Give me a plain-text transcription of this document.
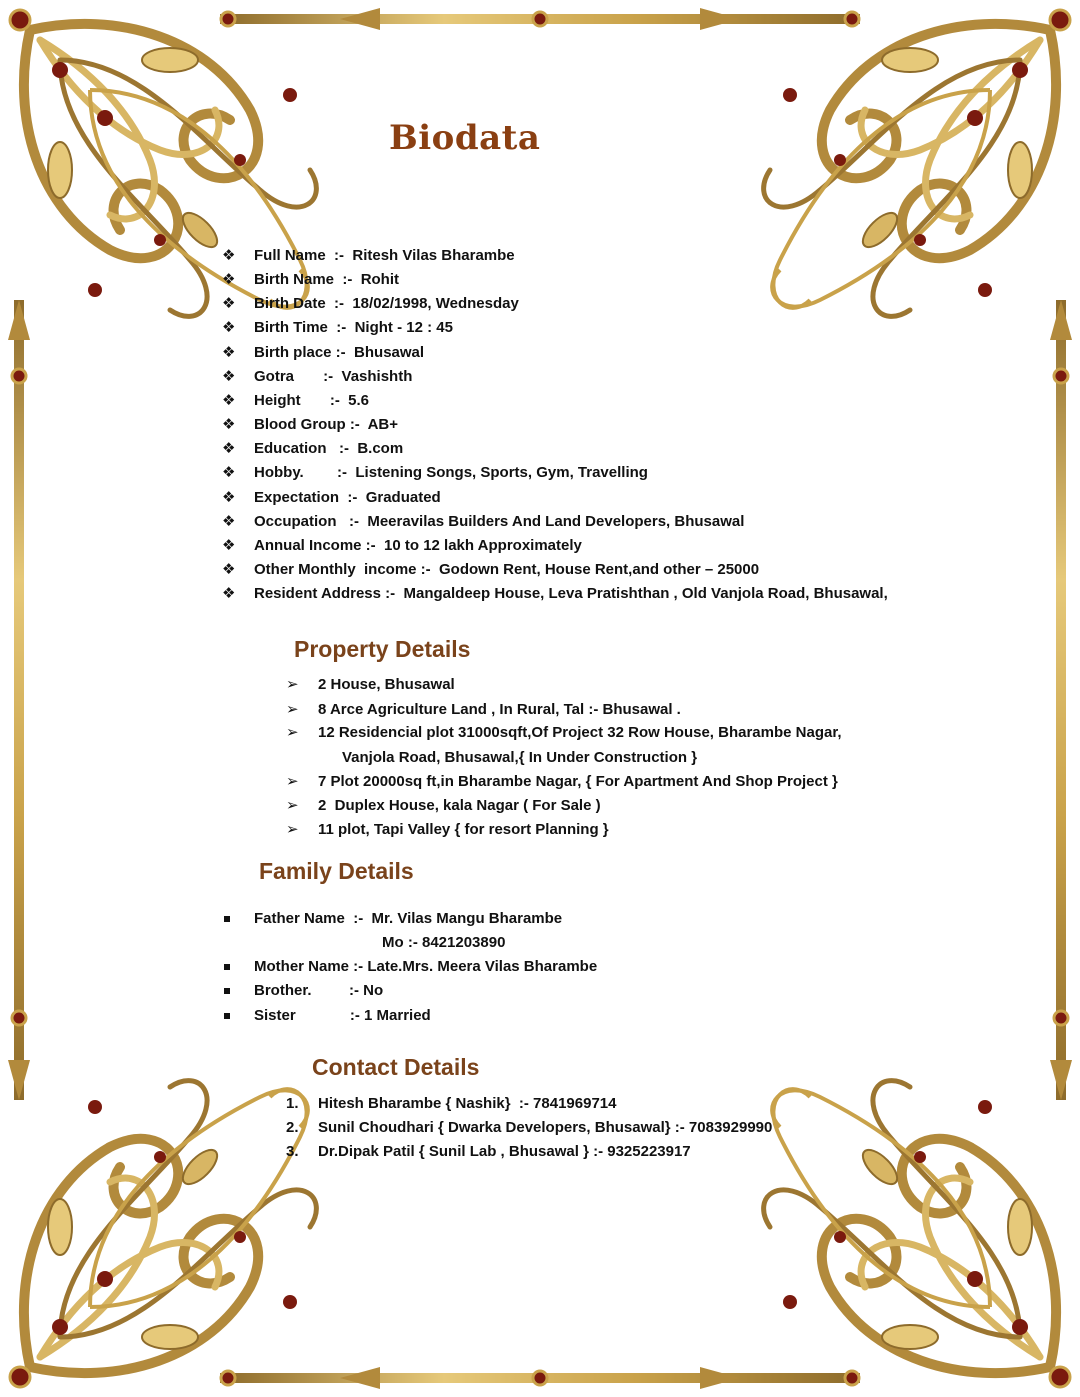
Biodata
Property Details
Family Details
Contact Details
❖ Full Name  :- Ritesh Vilas Bharambe
❖ Birth Name  :- Rohit
❖ Birth Date  :- 18/02/1998, Wednesday
❖ Birth Time  :- Night - 12 : 45
❖ Birth place :- Bhusawal
❖ Gotra       :- Vashishth
❖ Height       :- 5.6
❖ Blood Group :- AB+
❖ Education   :- B.com
❖ Hobby.        :- Listening Songs, Sports, Gym, Travelling
❖ Expectation  :- Graduated
❖ Occupation   :- Meeravilas Builders And Land Developers, Bhusawal
❖ Annual Income :- 10 to 12 lakh Approximately
❖ Other Monthly  income :- Godown Rent, House Rent,and other – 25000
❖ Resident Address :- Mangaldeep House, Leva Pratishthan , Old Vanjola Road, Bhusawal,
➢ 2 House, Bhusawal
➢ 8 Arce Agriculture Land , In Rural, Tal :- Bhusawal .
➢ 12 Residencial plot 31000sqft,Of Project 32 Row House, Bharambe Nagar,
Vanjola Road, Bhusawal,{ In Under Construction }
➢ 7 Plot 20000sq ft,in Bharambe Nagar, { For Apartment And Shop Project }
➢ 2  Duplex House, kala Nagar ( For Sale )
➢ 11 plot, Tapi Valley { for resort Planning }
Father Name  :-  Mr. Vilas Mangu Bharambe
Mo :- 8421203890
Mother Name :- Late.Mrs. Meera Vilas Bharambe
Brother.         :- No
Sister             :- 1 Married
1. Hitesh Bharambe { Nashik}  :- 7841969714
2. Sunil Choudhari { Dwarka Developers, Bhusawal} :- 7083929990
3. Dr.Dipak Patil { Sunil Lab , Bhusawal } :- 9325223917
